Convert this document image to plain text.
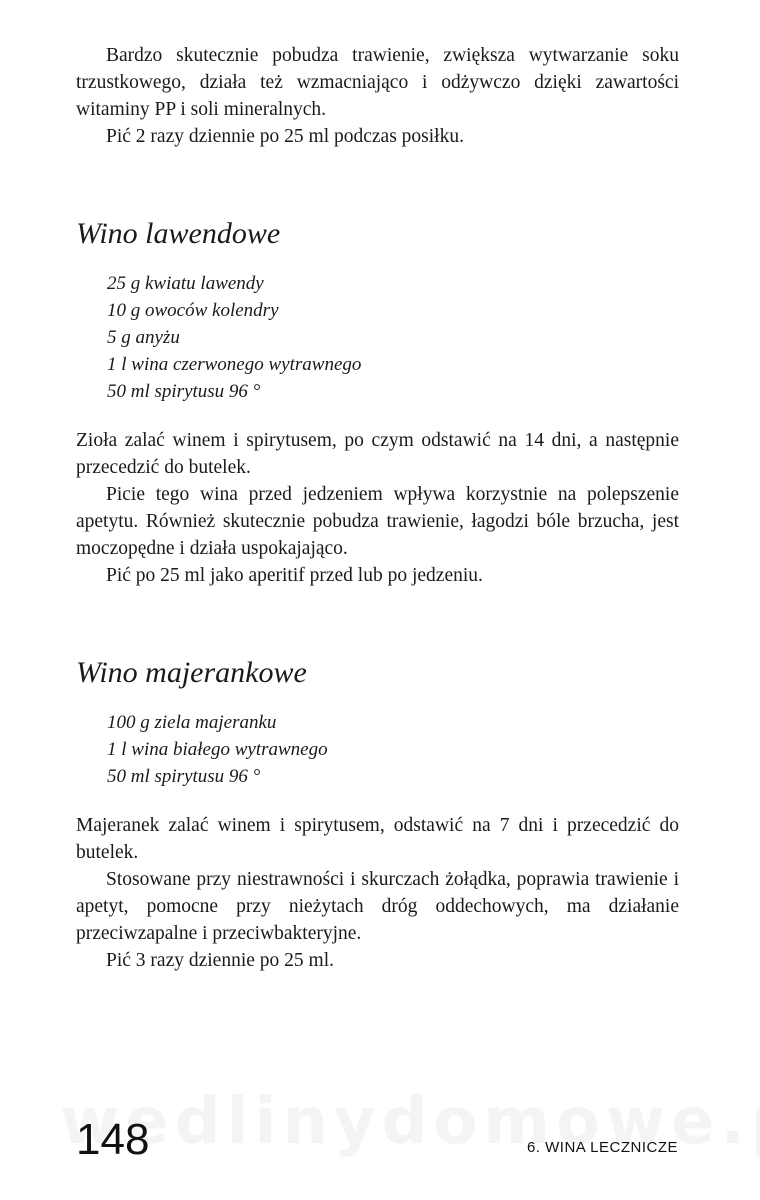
Bardzo skutecznie pobudza trawienie, zwiększa wytwarzanie soku trzustkowego, działa też wzmacniająco i odżywczo dzięki zawartości witaminy PP i soli mineralnych.

Pić 2 razy dziennie po 25 ml podczas posiłku.

Wino lawendowe
25 g kwiatu lawendy
10 g owoców kolendry
5 g anyżu
1 l wina czerwonego wytrawnego
50 ml spirytusu 96 °

Zioła zalać winem i spirytusem, po czym odstawić na 14 dni, a następnie przecedzić do butelek.

Picie tego wina przed jedzeniem wpływa korzystnie na polepszenie apetytu. Również skutecznie pobudza trawienie, łagodzi bóle brzucha, jest moczopędne i działa uspokajająco.

Pić po 25 ml jako aperitif przed lub po jedzeniu.

Wino majerankowe
100 g ziela majeranku
1 l wina białego wytrawnego
50 ml spirytusu 96 °

Majeranek zalać winem i spirytusem, odstawić na 7 dni i przecedzić do butelek.

Stosowane przy niestrawności i skurczach żołądka, poprawia trawienie i apetyt, pomocne przy nieżytach dróg oddechowych, ma działanie przeciwzapalne i przeciwbakteryjne.

Pić 3 razy dziennie po 25 ml.

148	6. WINA LECZNICZE
